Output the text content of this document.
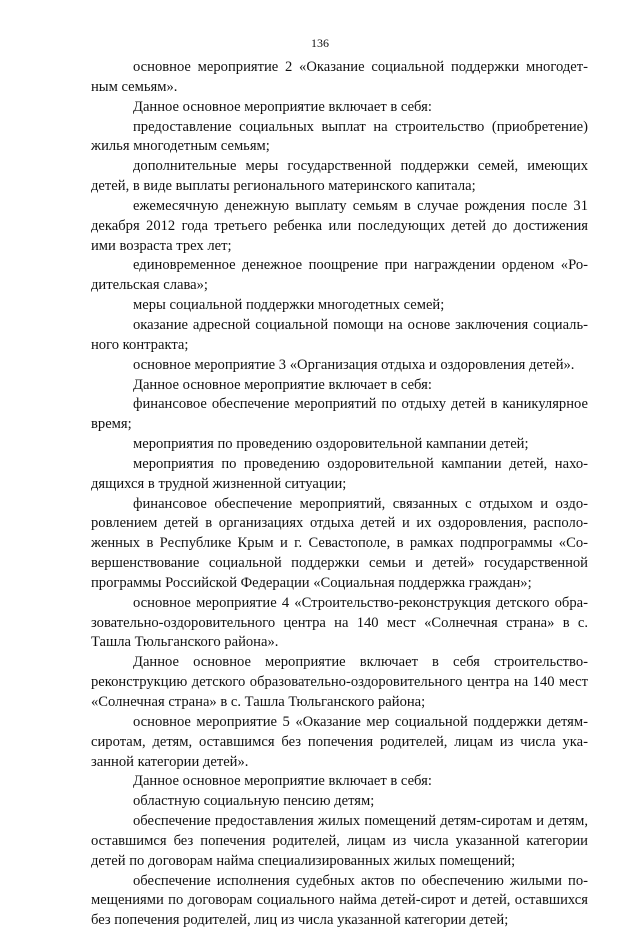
136

основное мероприятие 2 «Оказание социальной поддержки многодетным семьям».

Данное основное мероприятие включает в себя:

предоставление социальных выплат на строительство (приобретение) жилья многодетным семьям;

дополнительные меры государственной поддержки семей, имеющих детей, в виде выплаты регионального материнского капитала;

ежемесячную денежную выплату семьям в случае рождения после 31 декабря 2012 года третьего ребенка или последующих детей до достижения ими возраста трех лет;

единовременное денежное поощрение при награждении орденом «Родительская слава»;

меры социальной поддержки многодетных семей;

оказание адресной социальной помощи на основе заключения социального контракта;

основное мероприятие 3 «Организация отдыха и оздоровления детей».

Данное основное мероприятие включает в себя:

финансовое обеспечение мероприятий по отдыху детей в каникулярное время;

мероприятия по проведению оздоровительной кампании детей;

мероприятия по проведению оздоровительной кампании детей, находящихся в трудной жизненной ситуации;

финансовое обеспечение мероприятий, связанных с отдыхом и оздоровлением детей в организациях отдыха детей и их оздоровления, расположенных в Республике Крым и г. Севастополе, в рамках подпрограммы «Совершенствование социальной поддержки семьи и детей» государственной программы Российской Федерации «Социальная поддержка граждан»;

основное мероприятие 4 «Строительство-реконструкция детского образовательно-оздоровительного центра на 140 мест «Солнечная страна» в с. Ташла Тюльганского района».

Данное основное мероприятие включает в себя строительство-реконструкцию детского образовательно-оздоровительного центра на 140 мест «Солнечная страна» в с. Ташла Тюльганского района;

основное мероприятие 5 «Оказание мер социальной поддержки детям-сиротам, детям, оставшимся без попечения родителей, лицам из числа указанной категории детей».

Данное основное мероприятие включает в себя:

областную социальную пенсию детям;

обеспечение предоставления жилых помещений детям-сиротам и детям, оставшимся без попечения родителей, лицам из числа указанной категории детей по договорам найма специализированных жилых помещений;

обеспечение исполнения судебных актов по обеспечению жилыми помещениями по договорам социального найма детей-сирот и детей, оставшихся без попечения родителей, лиц из числа указанной категории детей;
